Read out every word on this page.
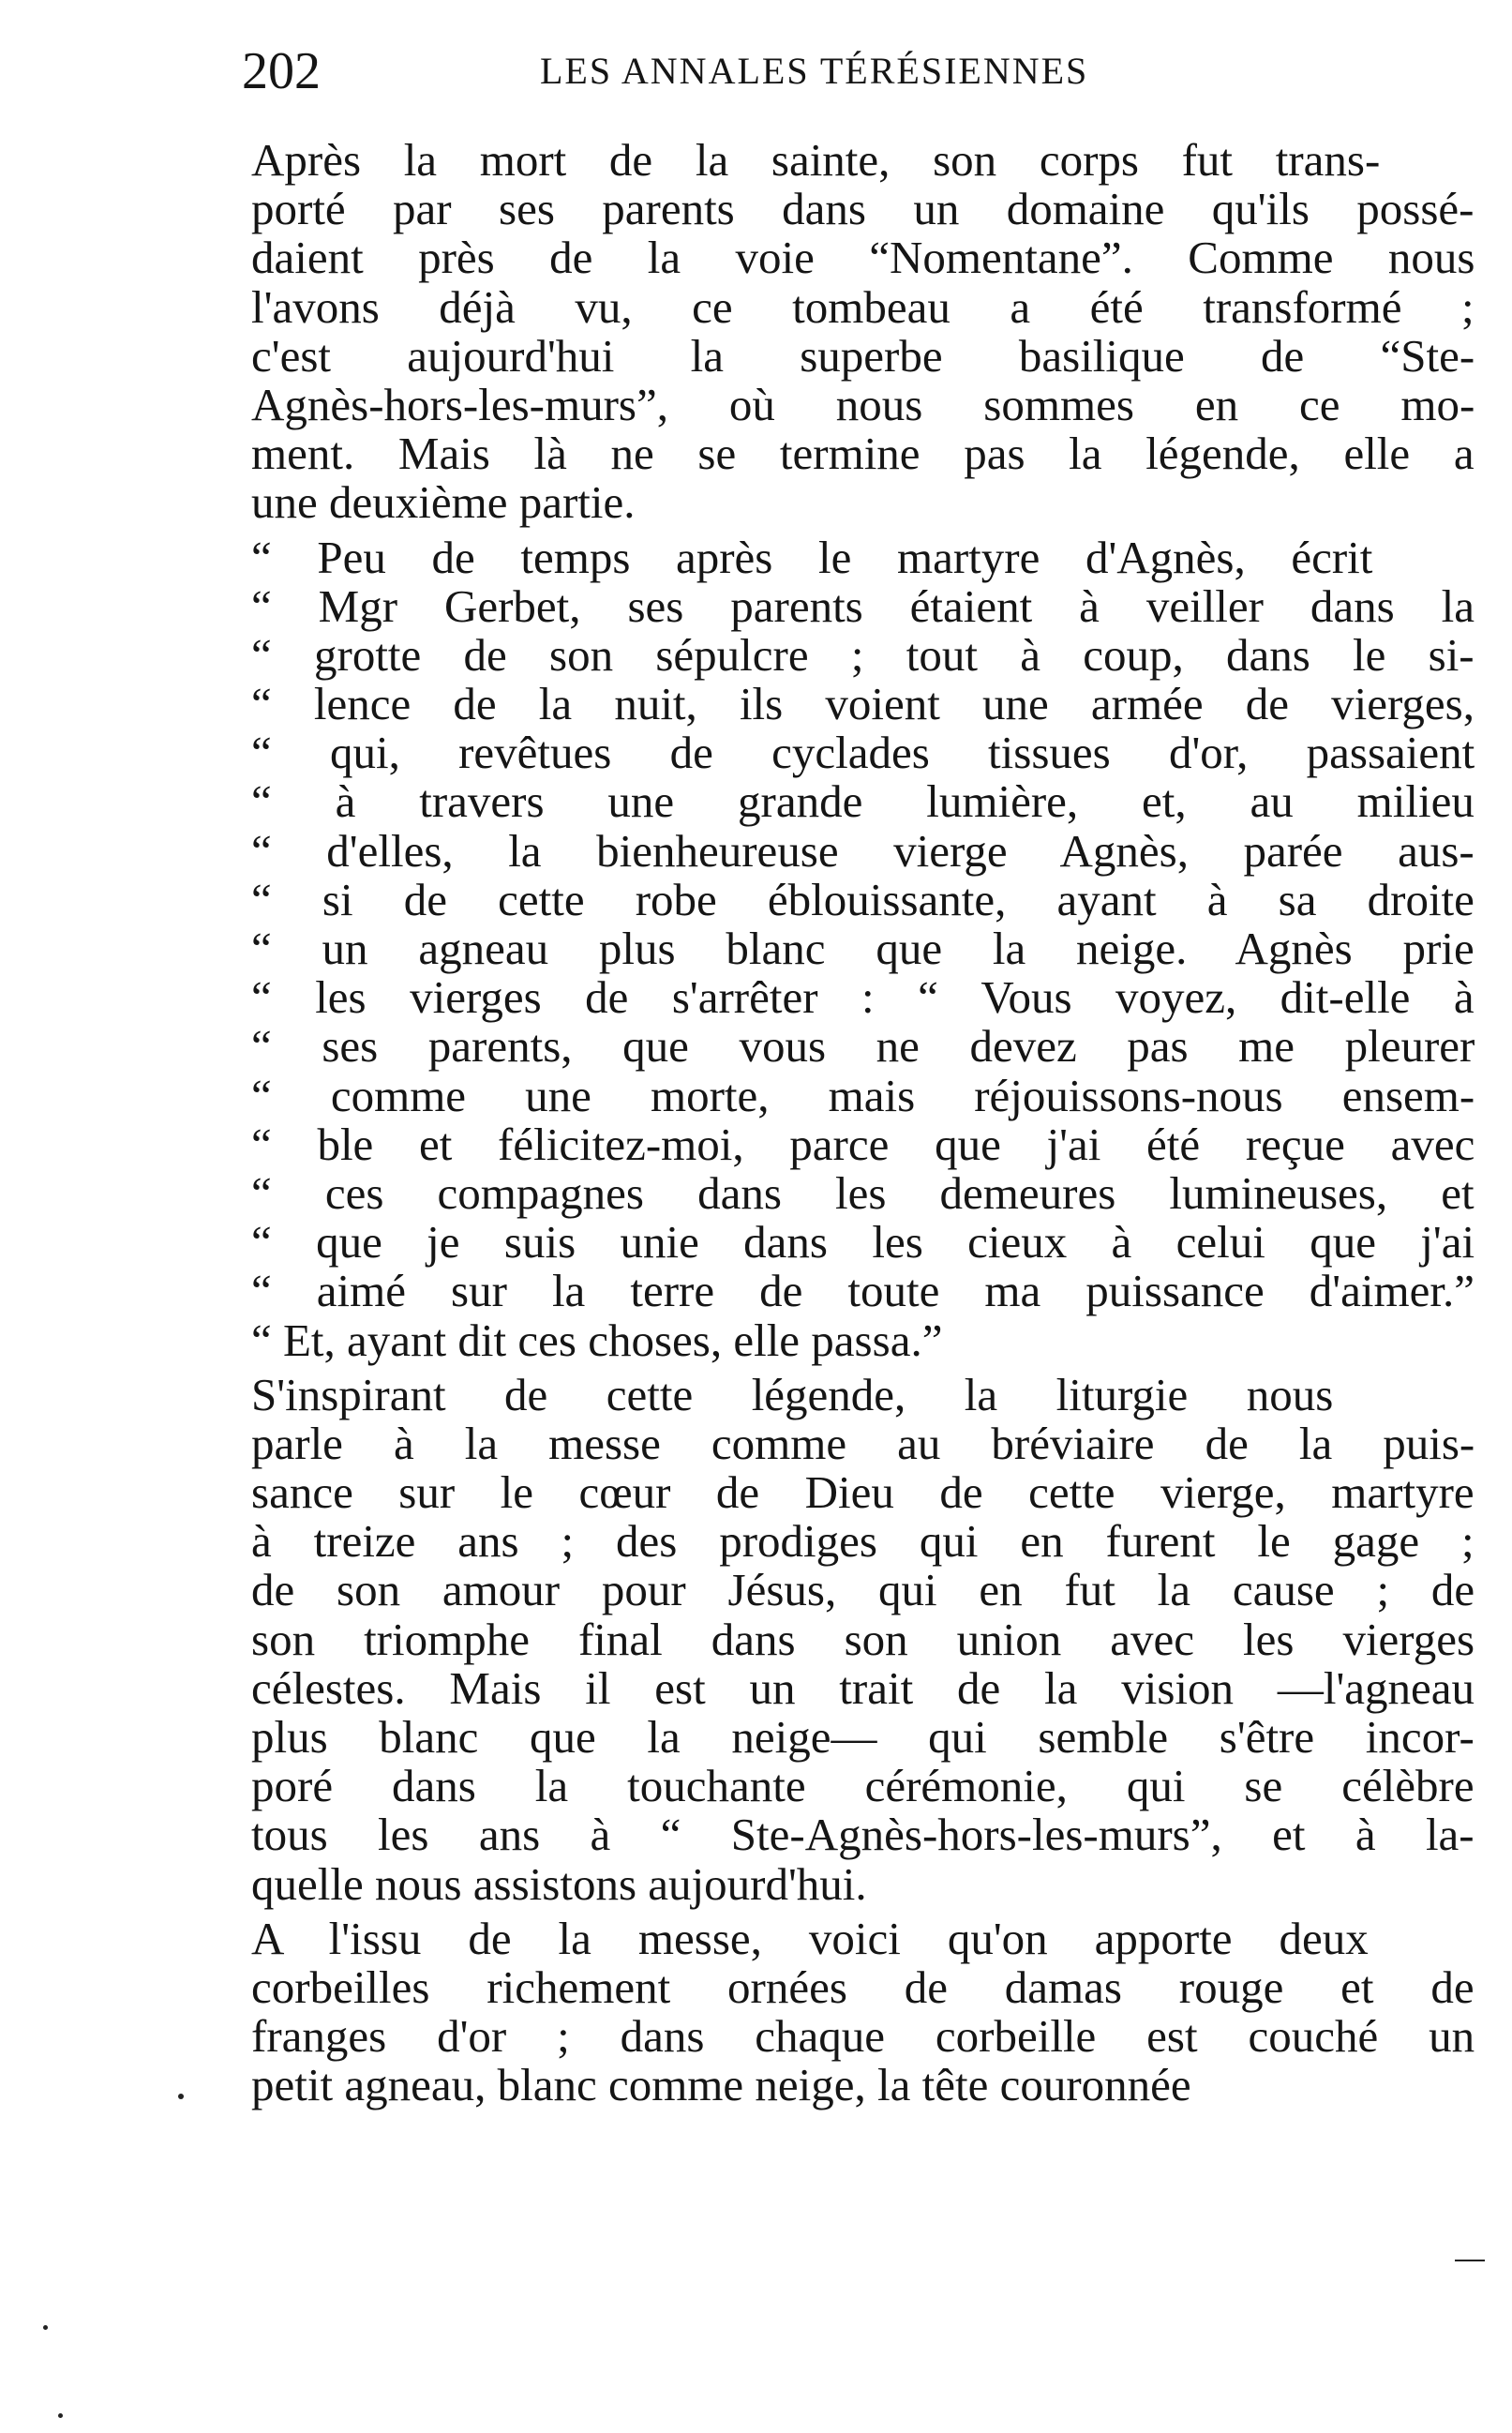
202	LES ANNALES TÉRÉSIENNES
Après la mort de la sainte, son corps fut trans-
porté par ses parents dans un domaine qu'ils possé-
daient près de la voie “Nomentane”. Comme nous
l'avons déjà vu, ce tombeau a été transformé ;
c'est aujourd'hui la superbe basilique de “Ste-
Agnès-hors-les-murs”, où nous sommes en ce mo-
ment. Mais là ne se termine pas la légende, elle a
une deuxième partie.
“ Peu de temps après le martyre d'Agnès, écrit
“ Mgr Gerbet, ses parents étaient à veiller dans la
“ grotte de son sépulcre ; tout à coup, dans le si-
“ lence de la nuit, ils voient une armée de vierges,
“ qui, revêtues de cyclades tissues d'or, passaient
“ à travers une grande lumière, et, au milieu
“ d'elles, la bienheureuse vierge Agnès, parée aus-
“ si de cette robe éblouissante, ayant à sa droite
“ un agneau plus blanc que la neige. Agnès prie
“ les vierges de s'arrêter : “ Vous voyez, dit-elle à
“ ses parents, que vous ne devez pas me pleurer
“ comme une morte, mais réjouissons-nous ensem-
“ ble et félicitez-moi, parce que j'ai été reçue avec
“ ces compagnes dans les demeures lumineuses, et
“ que je suis unie dans les cieux à celui que j'ai
“ aimé sur la terre de toute ma puissance d'aimer.”
“ Et, ayant dit ces choses, elle passa.”
S'inspirant de cette légende, la liturgie nous
parle à la messe comme au bréviaire de la puis-
sance sur le cœur de Dieu de cette vierge, martyre
à treize ans ; des prodiges qui en furent le gage ;
de son amour pour Jésus, qui en fut la cause ; de
son triomphe final dans son union avec les vierges
célestes. Mais il est un trait de la vision —l'agneau
plus blanc que la neige— qui semble s'être incor-
poré dans la touchante cérémonie, qui se célèbre
tous les ans à “ Ste-Agnès-hors-les-murs”, et à la-
quelle nous assistons aujourd'hui.
A l'issu de la messe, voici qu'on apporte deux
corbeilles richement ornées de damas rouge et de
franges d'or ; dans chaque corbeille est couché un
petit agneau, blanc comme neige, la tête couronnée
